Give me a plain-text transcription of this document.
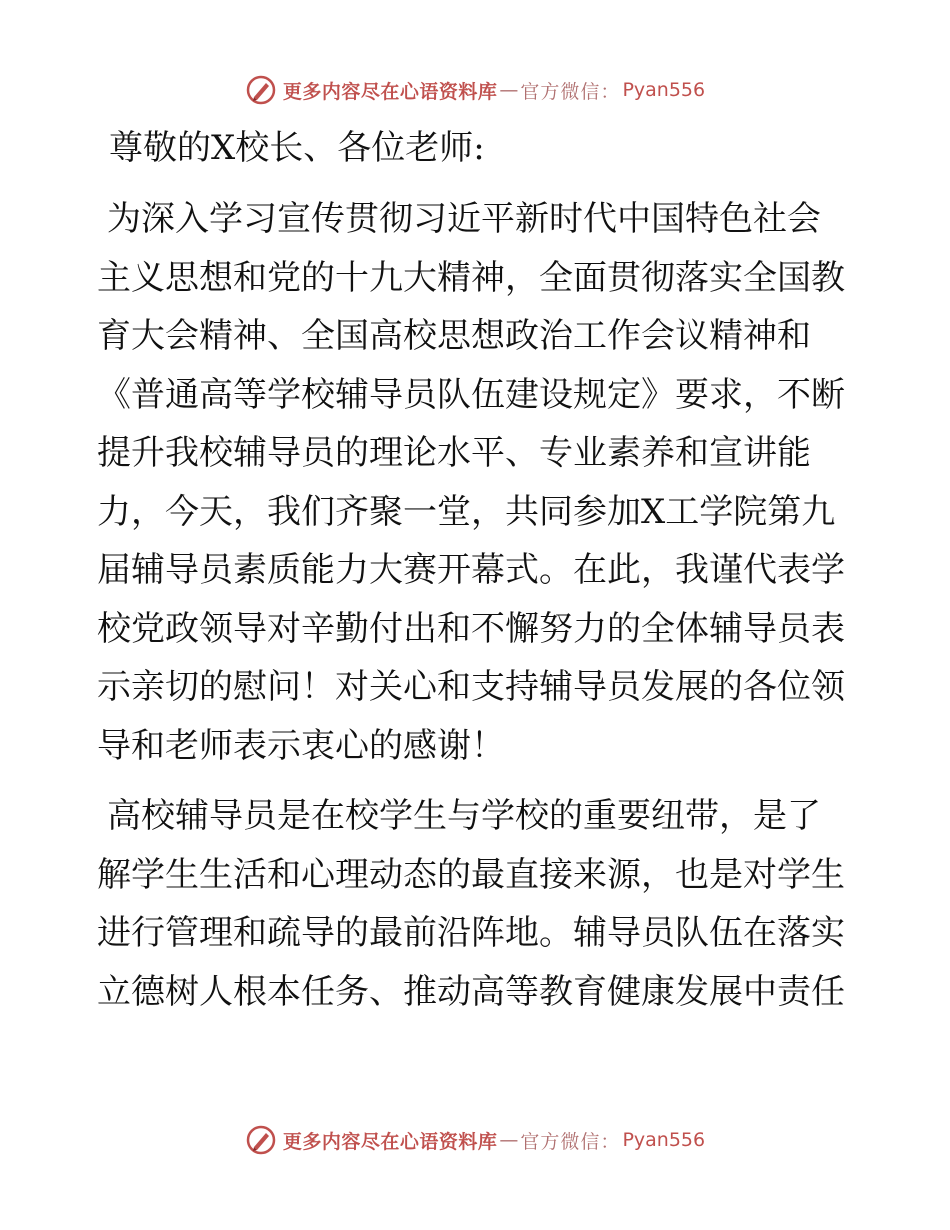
更多内容尽在心语资料库 — 官方微信： Pyan556

尊敬的X校长、各位老师:

为深入学习宣传贯彻习近平新时代中国特色社会
主义思想和党的十九大精神，全面贯彻落实全国教
育大会精神、全国高校思想政治工作会议精神和
《普通高等学校辅导员队伍建设规定》要求，不断
提升我校辅导员的理论水平、专业素养和宣讲能
力，今天，我们齐聚一堂，共同参加X工学院第九
届辅导员素质能力大赛开幕式。在此，我谨代表学
校党政领导对辛勤付出和不懈努力的全体辅导员表
示亲切的慰问！对关心和支持辅导员发展的各位领
导和老师表示衷心的感谢！

高校辅导员是在校学生与学校的重要纽带，是了
解学生生活和心理动态的最直接来源，也是对学生
进行管理和疏导的最前沿阵地。辅导员队伍在落实
立德树人根本任务、推动高等教育健康发展中责任

更多内容尽在心语资料库 — 官方微信： Pyan556
